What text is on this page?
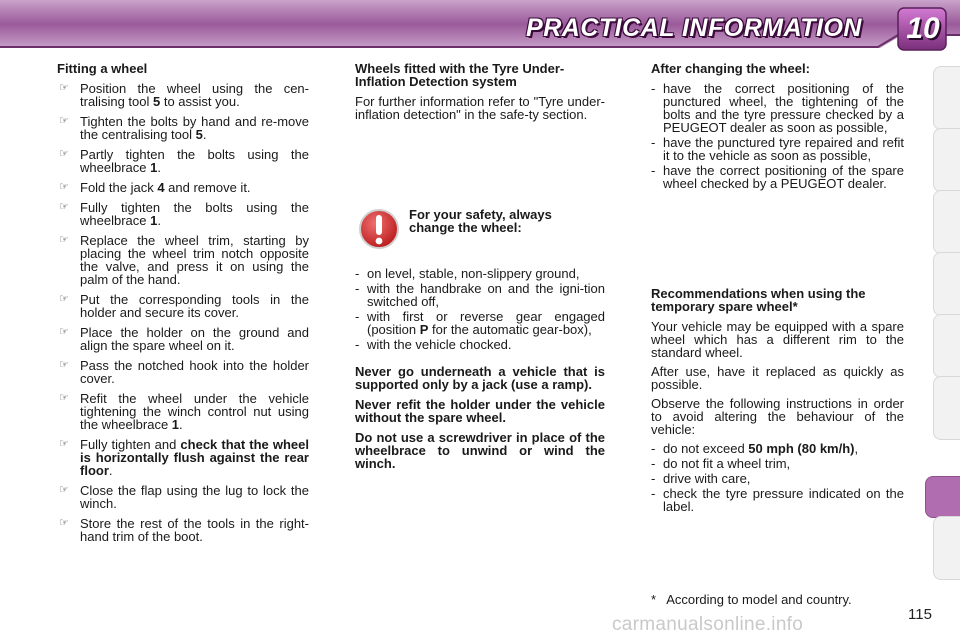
PRACTICAL INFORMATION 10
Fitting a wheel
☞ Position the wheel using the cen-tralising tool 5 to assist you.
☞ Tighten the bolts by hand and re-move the centralising tool 5.
☞ Partly tighten the bolts using the wheelbrace 1.
☞ Fold the jack 4 and remove it.
☞ Fully tighten the bolts using the wheelbrace 1.
☞ Replace the wheel trim, starting by placing the wheel trim notch opposite the valve, and press it on using the palm of the hand.
☞ Put the corresponding tools in the holder and secure its cover.
☞ Place the holder on the ground and align the spare wheel on it.
☞ Pass the notched hook into the holder cover.
☞ Refit the wheel under the vehicle tightening the winch control nut using the wheelbrace 1.
☞ Fully tighten and check that the wheel is horizontally flush against the rear floor.
☞ Close the flap using the lug to lock the winch.
☞ Store the rest of the tools in the right-hand trim of the boot.
Wheels fitted with the Tyre Under-Inflation Detection system
For further information refer to "Tyre under-inflation detection" in the safe-ty section.
For your safety, always change the wheel:
- on level, stable, non-slippery ground,
- with the handbrake on and the igni-tion switched off,
- with first or reverse gear engaged (position P for the automatic gear-box),
- with the vehicle chocked.
Never go underneath a vehicle that is supported only by a jack (use a ramp).
Never refit the holder under the vehicle without the spare wheel.
Do not use a screwdriver in place of the wheelbrace to unwind or wind the winch.
After changing the wheel:
- have the correct positioning of the punctured wheel, the tightening of the bolts and the tyre pressure checked by a PEUGEOT dealer as soon as possible,
- have the punctured tyre repaired and refit it to the vehicle as soon as possible,
- have the correct positioning of the spare wheel checked by a PEUGEOT dealer.
Recommendations when using the temporary spare wheel*
Your vehicle may be equipped with a spare wheel which has a different rim to the standard wheel.
After use, have it replaced as quickly as possible.
Observe the following instructions in order to avoid altering the behaviour of the vehicle:
- do not exceed 50 mph (80 km/h),
- do not fit a wheel trim,
- drive with care,
- check the tyre pressure indicated on the label.
* According to model and country.
carmanualsonline.info	115
